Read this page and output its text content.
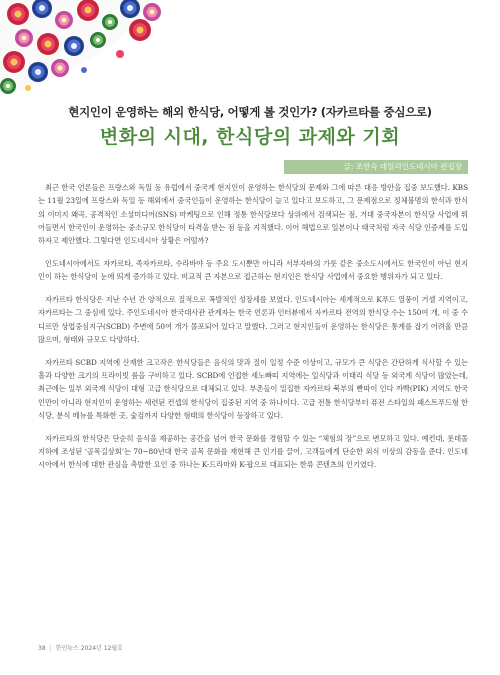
현지인이 운영하는 해외 한식당, 어떻게 볼 것인가? (자카르타를 중심으로)
변화의 시대, 한식당의 과제와 기회
글: 조연숙 데일리인도네시아 편집장

최근 한국 언론들은 프랑스와 독일 등 유럽에서 중국계 현지인이 운영하는 한식당의 문제와 그에 따른 대응 방안을 집중 보도했다. KBS는 11월 23일에 프랑스와 독일 등 해외에서 중국인들이 운영하는 한식당이 늘고 있다고 보도하고, 그 문제점으로 정체불명의 한식과 한식의 이미지 왜곡, 공격적인 소셜미디어(SNS) 마케팅으로 인해 정통 한식당보다 상위에서 검색되는 점, 거대 중국자본이 한식당 사업에 뛰어들면서 한국인이 운영하는 중소규모 한식당이 타격을 받는 점 등을 지적했다. 이어 해법으로 일본이나 태국처럼 자국 식당 인증제를 도입하자고 제안했다. 그렇다면 인도네시아 상황은 어떨까?

인도네시아에서도 자카르타, 족자카르타, 수라바야 등 주요 도시뿐만 아니라 서부자바의 가룻 같은 중소도시에서도 한국인이 아닌 현지인이 하는 한식당이 눈에 띄게 증가하고 있다. 비교적 큰 자본으로 접근하는 현지인은 한식당 사업에서 중요한 행위자가 되고 있다.

자카르타 한식당은 지난 수년 간 양적으로 질적으로 폭발적인 성장세를 보였다. 인도네시아는 세계적으로 K푸드 열풍이 거셀 지역이고, 자카르타는 그 중심에 있다. 주인도네시아 한국대사관 관계자는 한국 언론과 인터뷰에서 자카르타 전역의 한식당 수는 150여 개, 이 중 수디르만 상업중심지구(SCBD) 주변에 50여 개가 몰포되어 있다고 말했다. 그러고 현지인들이 운영하는 한식당은 통계를 잡기 어려울 만큼 많으며, 형태와 규모도 다양하다.

자카르타 SCBD 지역에 산재한 크고작은 한식당들은 음식의 맛과 질이 일정 수준 이상이고, 규모가 큰 식당은 간단하게 식사할 수 있는 홀과 다양한 크기의 프라이빗 룸을 구비하고 있다. SCBD에 인접한 세노빠띠 지역에는 일식당과 이태리 식당 등 외국계 식당이 많았는데, 최근에는 일부 외국계 식당이 대형 고급 한식당으로 대체되고 있다. 부촌들이 밀집한 자카르타 북부의 빤따이 인다 까빡(PIK) 지역도 한국인만이 아니라 현지인이 운영하는 세련된 컨셉의 한식당이 집중된 지역 중 하나이다. 고급 전통 한식당부터 퓨전 스타일의 패스트푸드형 한식당, 분식 메뉴를 특화한 곳, 숯검까지 다양한 형태의 한식당이 등장하고 있다.

자카르타의 한식당은 단순히 음식을 제공하는 공간을 넘어 한국 문화를 경험할 수 있는 “체험의 장”으로 변모하고 있다. 예컨대, 롯데몰 지하에 조성된 ‘골목길상회’는 70~80년대 한국 골목 문화를 재현해 큰 인기를 끌어, 고객들에게 단순한 외식 이상의 감동을 준다. 인도네시아에서 한식에 대한 관심을 촉발한 요인 중 하나는 K-드라마와 K-팝으로 대표되는 한류 콘텐츠의 인기였다.

38 | 한인뉴스 2024년 12월호
